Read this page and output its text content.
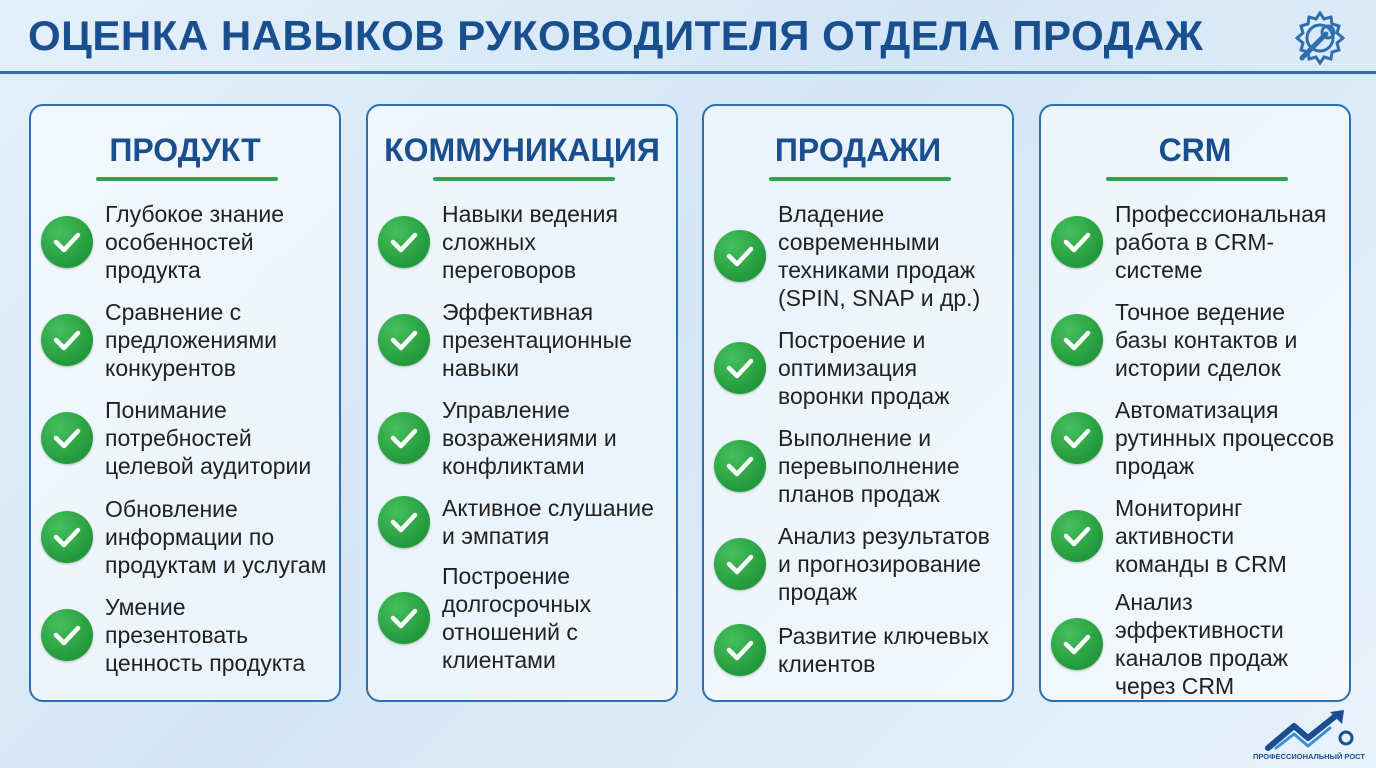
ОЦЕНКА НАВЫКОВ РУКОВОДИТЕЛЯ ОТДЕЛА ПРОДАЖ
ПРОДУКТ
Глубокое знание
особенностей
продукта
Сравнение с
предложениями
конкурентов
Понимание
потребностей
целевой аудитории
Обновление
информации по
продуктам и услугам
Умение
презентовать
ценность продукта
КОММУНИКАЦИЯ
Навыки ведения
сложных
переговоров
Эффективная
презентационные
навыки
Управление
возражениями и
конфликтами
Активное слушание
и эмпатия
Построение
долгосрочных
отношений с
клиентами
ПРОДАЖИ
Владение
современными
техниками продаж
(SPIN, SNAP и др.)
Построение и
оптимизация
воронки продаж
Выполнение и
перевыполнение
планов продаж
Анализ результатов
и прогнозирование
продаж
Развитие ключевых
клиентов
CRM
Профессиональная
работа в CRM-
системе
Точное ведение
базы контактов и
истории сделок
Автоматизация
рутинных процессов
продаж
Мониторинг
активности
команды в CRM
Анализ
эффективности
каналов продаж
через CRM
ПРОФЕССИОНАЛЬНЫЙ РОСТ
